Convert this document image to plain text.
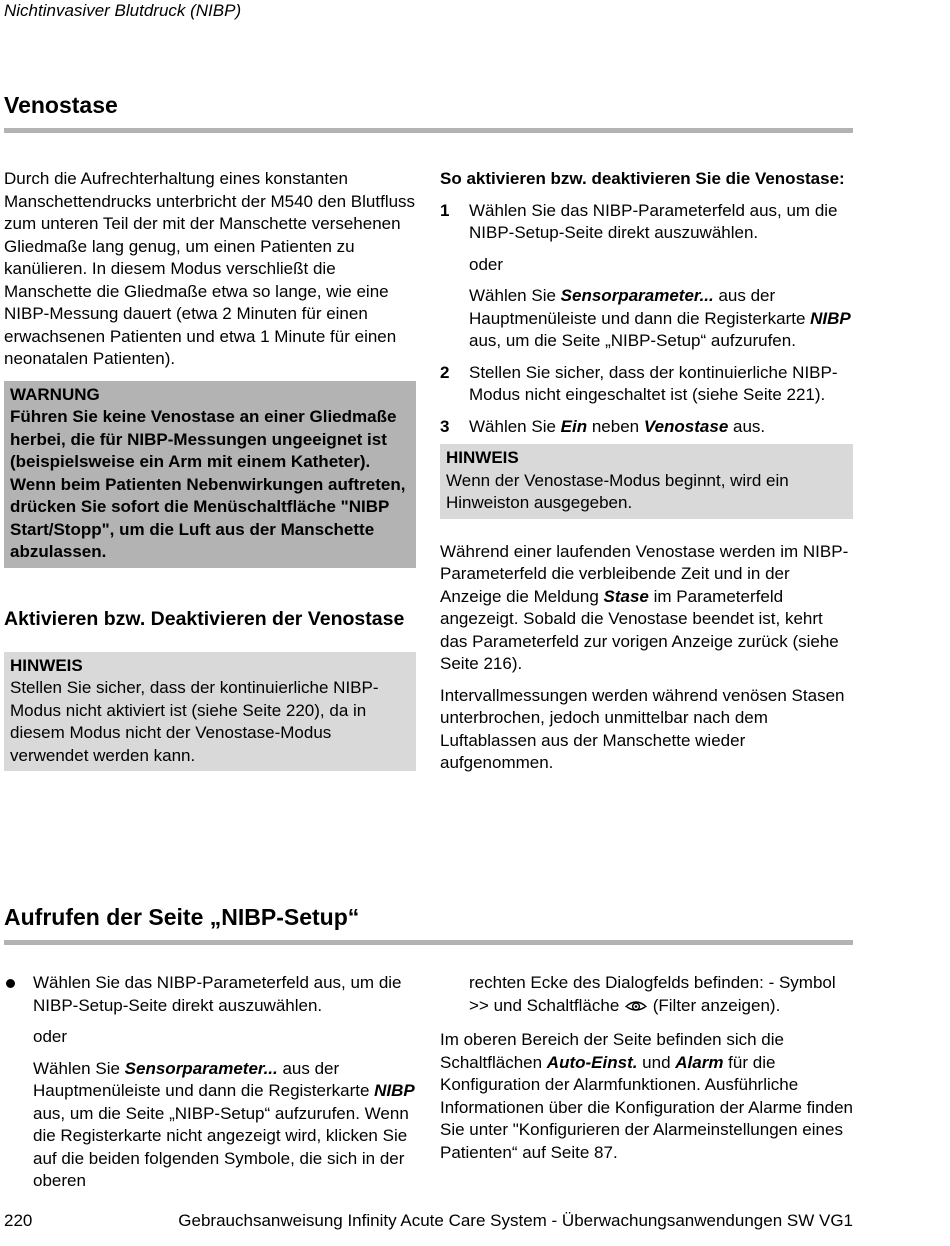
Nichtinvasiver Blutdruck (NIBP)
Venostase

Durch die Aufrechterhaltung eines konstanten Manschettendrucks unterbricht der M540 den Blutfluss zum unteren Teil der mit der Manschette versehenen Gliedmaße lang genug, um einen Patienten zu kanülieren. In diesem Modus verschließt die Manschette die Gliedmaße etwa so lange, wie eine NIBP-Messung dauert (etwa 2 Minuten für einen erwachsenen Patienten und etwa 1 Minute für einen neonatalen Patienten).

WARNUNG
Führen Sie keine Venostase an einer Gliedmaße herbei, die für NIBP-Messungen ungeeignet ist (beispielsweise ein Arm mit einem Katheter). Wenn beim Patienten Nebenwirkungen auftreten, drücken Sie sofort die Menüschaltfläche "NIBP Start/Stopp", um die Luft aus der Manschette abzulassen.
Aktivieren bzw. Deaktivieren der Venostase
HINWEIS
Stellen Sie sicher, dass der kontinuierliche NIBP-Modus nicht aktiviert ist (siehe Seite 220), da in diesem Modus nicht der Venostase-Modus verwendet werden kann.

So aktivieren bzw. deaktivieren Sie die Venostase:

1 Wählen Sie das NIBP-Parameterfeld aus, um die NIBP-Setup-Seite direkt auszuwählen.

oder

Wählen Sie Sensorparameter... aus der Hauptmenüleiste und dann die Registerkarte NIBP aus, um die Seite „NIBP-Setup“ aufzurufen.

2 Stellen Sie sicher, dass der kontinuierliche NIBP-Modus nicht eingeschaltet ist (siehe Seite 221).
3 Wählen Sie Ein neben Venostase aus.
HINWEIS
Wenn der Venostase-Modus beginnt, wird ein Hinweiston ausgegeben.

Während einer laufenden Venostase werden im NIBP-Parameterfeld die verbleibende Zeit und in der Anzeige die Meldung Stase im Parameterfeld angezeigt. Sobald die Venostase beendet ist, kehrt das Parameterfeld zur vorigen Anzeige zurück (siehe Seite 216).

Intervallmessungen werden während venösen Stasen unterbrochen, jedoch unmittelbar nach dem Luftablassen aus der Manschette wieder aufgenommen.

Aufrufen der Seite „NIBP-Setup“
Wählen Sie das NIBP-Parameterfeld aus, um die NIBP-Setup-Seite direkt auszuwählen.

oder

Wählen Sie Sensorparameter... aus der Hauptmenüleiste und dann die Registerkarte NIBP aus, um die Seite „NIBP-Setup“ aufzurufen. Wenn die Registerkarte nicht angezeigt wird, klicken Sie auf die beiden folgenden Symbole, die sich in der oberen

rechten Ecke des Dialogfelds befinden: - Symbol >> und Schaltfläche  (Filter anzeigen).

Im oberen Bereich der Seite befinden sich die Schaltflächen Auto-Einst. und Alarm für die Konfiguration der Alarmfunktionen. Ausführliche Informationen über die Konfiguration der Alarme finden Sie unter "Konfigurieren der Alarmeinstellungen eines Patienten“ auf Seite 87.

220	Gebrauchsanweisung Infinity Acute Care System - Überwachungsanwendungen SW VG1
